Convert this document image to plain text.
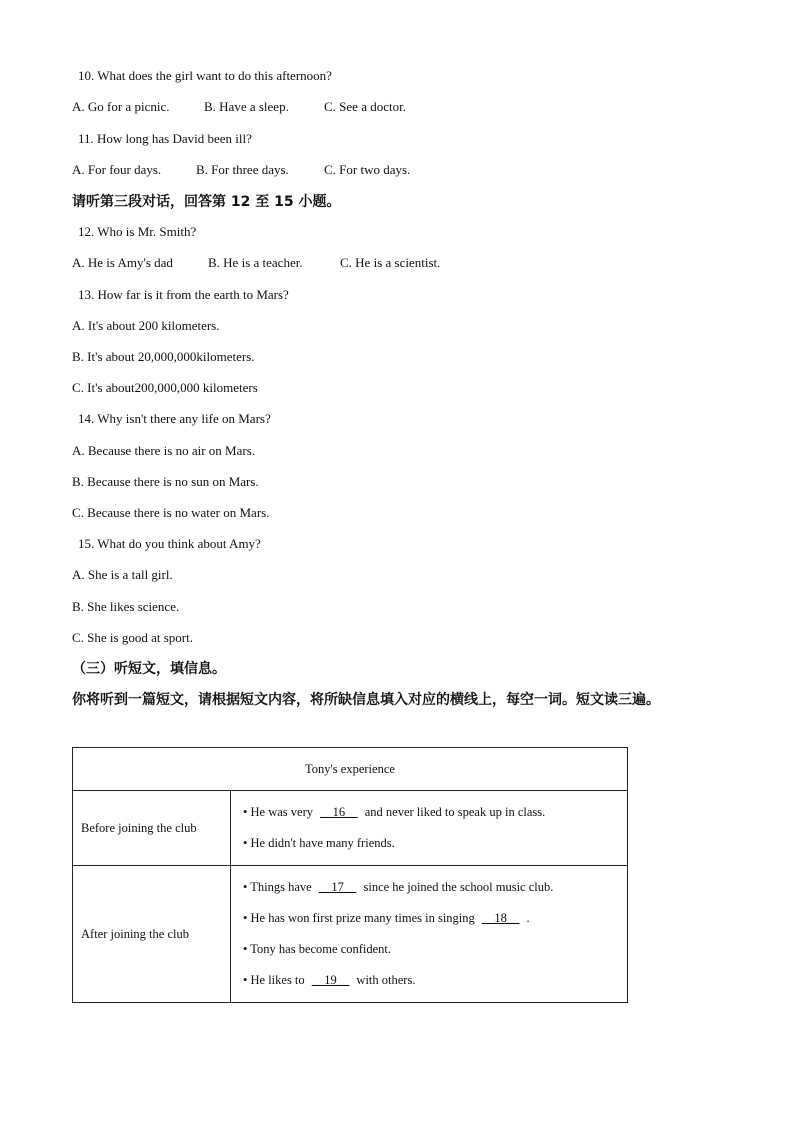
10. What does the girl want to do this afternoon?
A. Go for a picnic.	B. Have a sleep.	C. See a doctor.
11. How long has David been ill?
A. For four days.	B. For three days.	C. For two days.
请听第三段对话，回答第 12 至 15 小题。
12. Who is Mr. Smith?
A. He is Amy's dad	B. He is a teacher.	C. He is a scientist.
13. How far is it from the earth to Mars?
A. It's about 200 kilometers.
B. It's about 20,000,000kilometers.
C. It's about200,000,000 kilometers
14. Why isn't there any life on Mars?
A. Because there is no air on Mars.
B. Because there is no sun on Mars.
C. Because there is no water on Mars.
15. What do you think about Amy?
A. She is a tall girl.
B. She likes science.
C. She is good at sport.
（三）听短文，填信息。
你将听到一篇短文，请根据短文内容，将所缺信息填入对应的横线上，每空一词。短文读三遍。
Tony's experience	
Before joining the club	• He was very __16__ and never liked to speak up in class.
• He didn't have many friends.

After joining the club	• Things have __17__ since he joined the school music club.
• He has won first prize many times in singing __18__ .
• Tony has become confident.
• He likes to __19__ with others.
